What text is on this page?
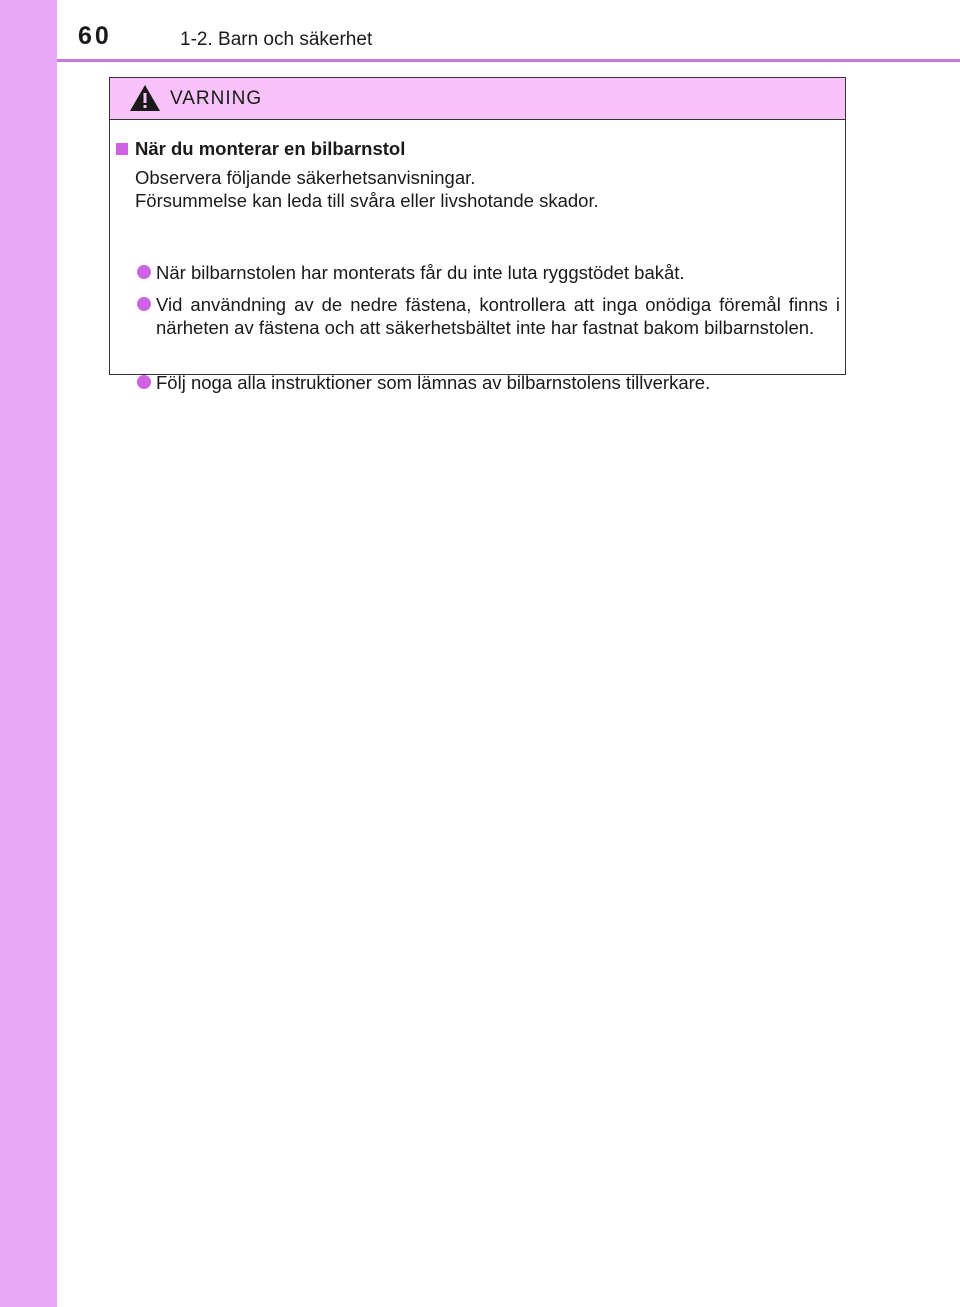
60	1-2. Barn och säkerhet
VARNING
När du monterar en bilbarnstol
Observera följande säkerhetsanvisningar.
Försummelse kan leda till svåra eller livshotande skador.
När bilbarnstolen har monterats får du inte luta ryggstödet bakåt.
Vid användning av de nedre fästena, kontrollera att inga onödiga föremål finns i närheten av fästena och att säkerhetsbältet inte har fastnat bakom bilbarnstolen.
Följ noga alla instruktioner som lämnas av bilbarnstolens tillverkare.
